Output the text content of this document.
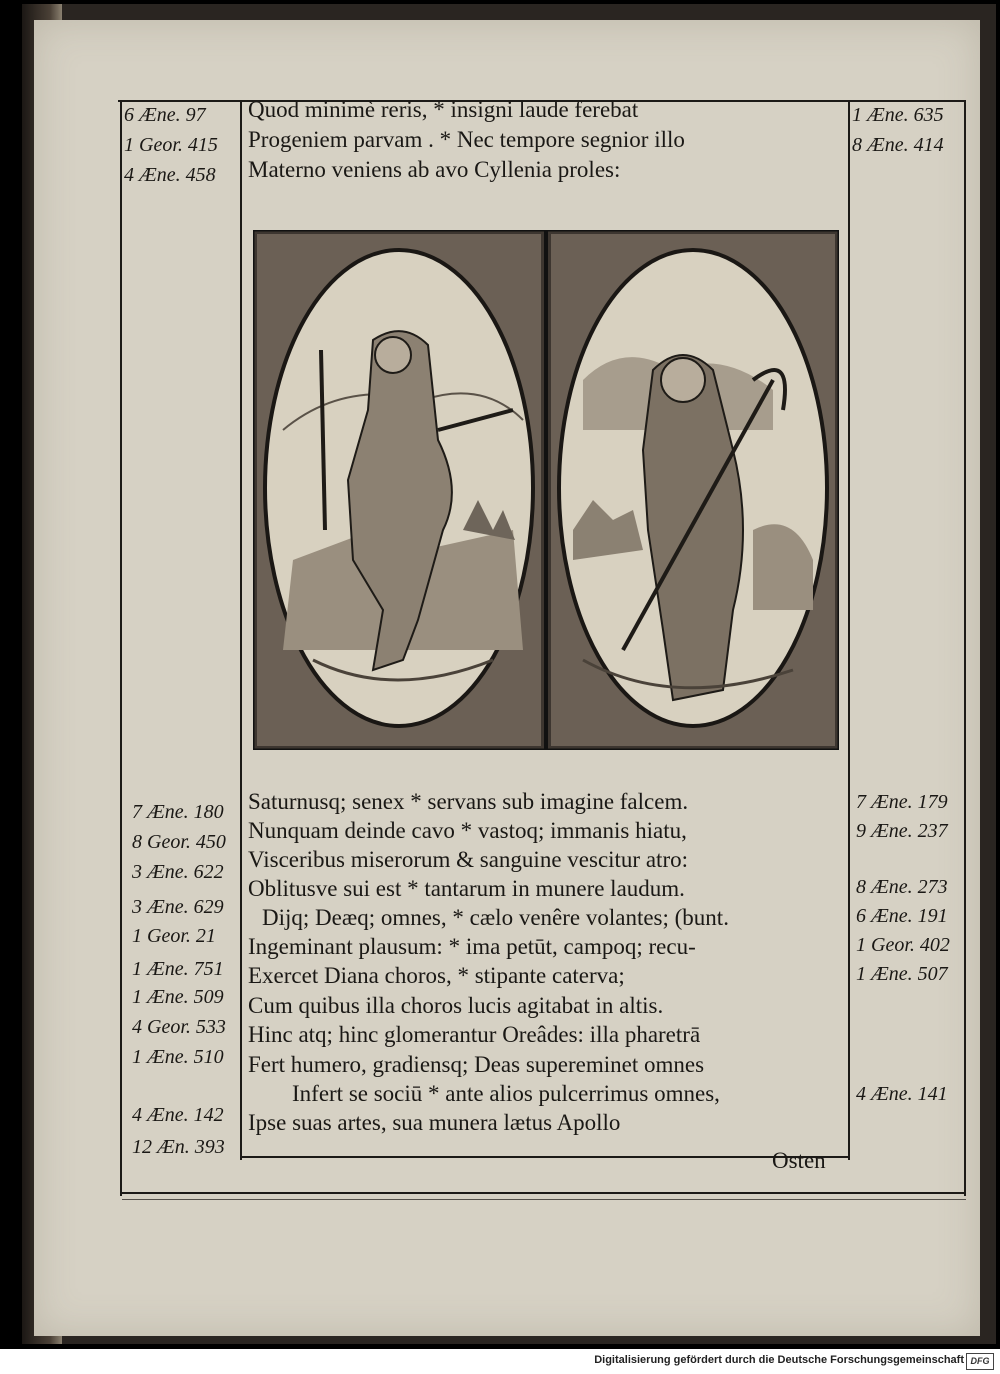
6 Æne. 97
1 Geor. 415
4 Æne. 458
Quod minimè reris, * insigni laude ferebat
Progeniem parvam . * Nec tempore segnior illo
Materno veniens ab avo Cyllenia proles:
1 Æne. 635
8 Æne. 414
7 Æne. 180
8 Geor. 450
3 Æne. 622
3 Æne. 629
1 Geor. 21
1 Æne. 751
1 Æne. 509
4 Geor. 533
1 Æne. 510
4 Æne. 142
12 Æn. 393
Saturnusq; senex * servans sub imagine falcem.
Nunquam deinde cavo * vastoq; immanis hiatu,
Visceribus miserorum & sanguine vescitur atro:
Oblitusve sui est * tantarum in munere laudum.
Dijq; Deæq; omnes, * cælo venêre volantes; (bunt.
Ingeminant plausum: * ima petūt, campoq; recu-
Exercet Diana choros, * stipante caterva;
Cum quibus illa choros lucis agitabat in altis.
Hinc atq; hinc glomerantur Oreâdes: illa pharetrā
Fert humero, gradiensq; Deas supereminet omnes
Infert se sociū * ante alios pulcerrimus omnes,
Ipse suas artes, sua munera lætus Apollo
7 Æne. 179
9 Æne. 237
8 Æne. 273
6 Æne. 191
1 Geor. 402
1 Æne. 507
4 Æne. 141
Osten
Digitalisierung gefördert durch die Deutsche Forschungsgemeinschaft DFG
